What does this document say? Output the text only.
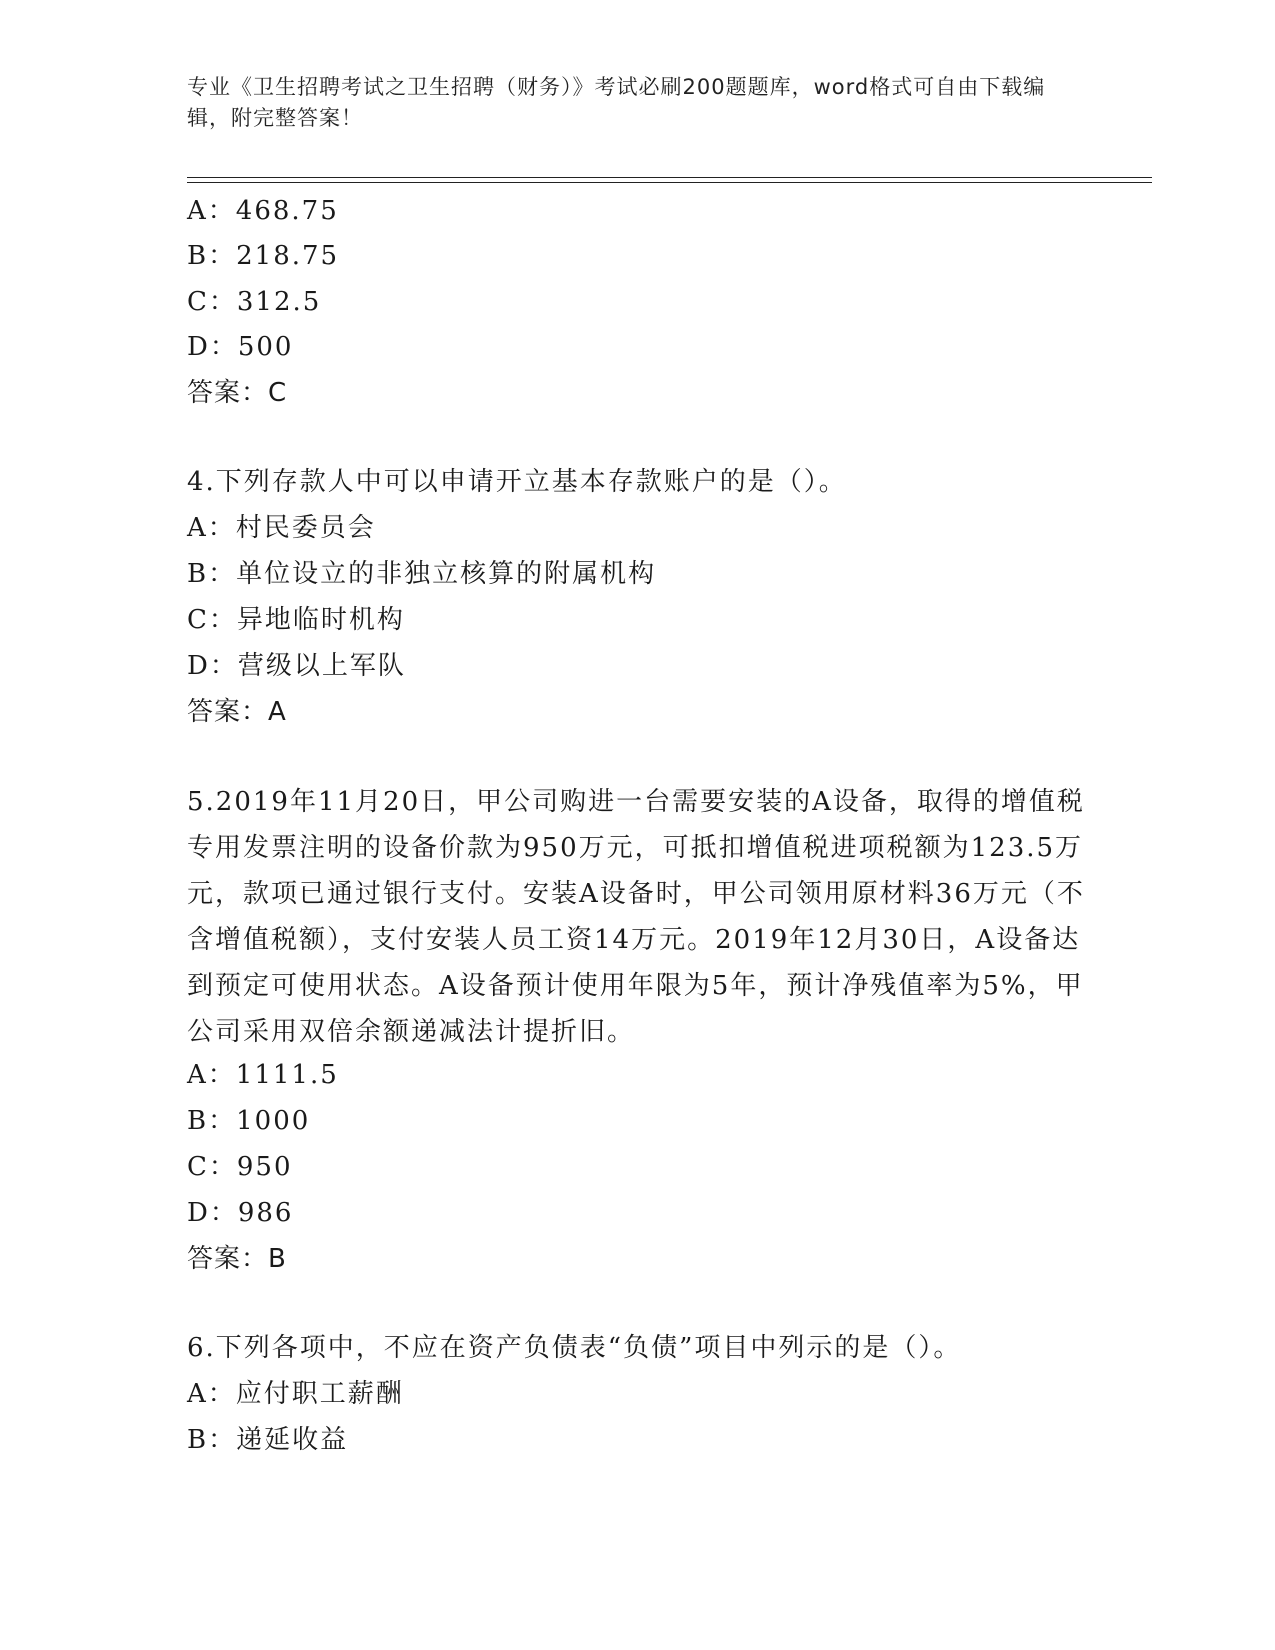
专业《卫生招聘考试之卫生招聘（财务）》考试必刷200题题库，word格式可自由下载编辑，附完整答案！
A：468.75
B：218.75
C：312.5
D：500
答案：C
4.下列存款人中可以申请开立基本存款账户的是（）。
A：村民委员会
B：单位设立的非独立核算的附属机构
C：异地临时机构
D：营级以上军队
答案：A
5.2019年11月20日，甲公司购进一台需要安装的A设备，取得的增值税专用发票注明的设备价款为950万元，可抵扣增值税进项税额为123.5万元，款项已通过银行支付。安装A设备时，甲公司领用原材料36万元（不含增值税额），支付安装人员工资14万元。2019年12月30日，A设备达到预定可使用状态。A设备预计使用年限为5年，预计净残值率为5%，甲公司采用双倍余额递减法计提折旧。
A：1111.5
B：1000
C：950
D：986
答案：B
6.下列各项中，不应在资产负债表“负债”项目中列示的是（）。
A：应付职工薪酬
B：递延收益
